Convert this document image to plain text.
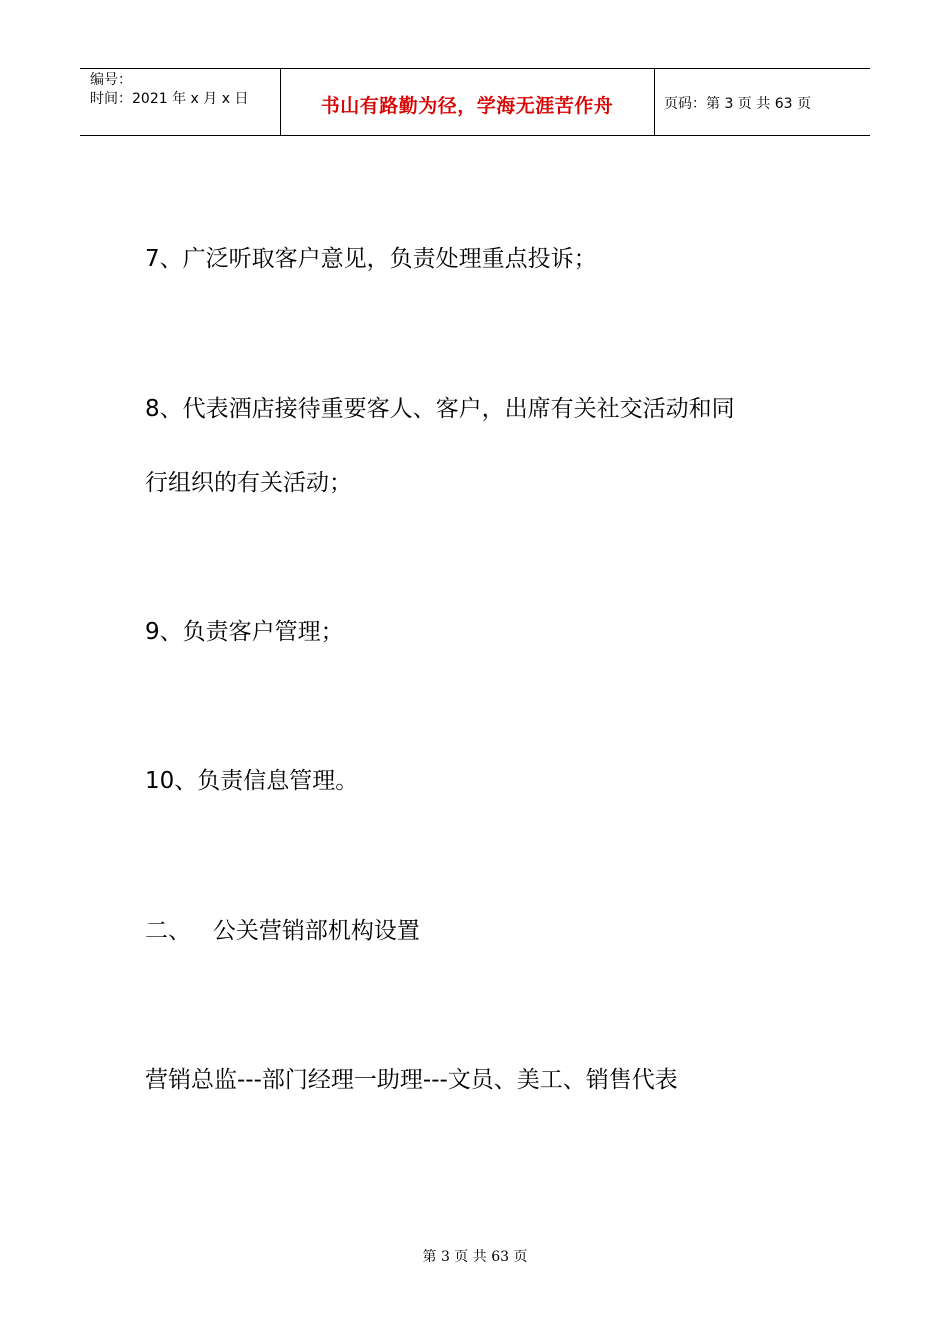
编号：
时间：2021 年 x 月 x 日	书山有路勤为径，学海无涯苦作舟	页码：第 3 页 共 63 页
7、广泛听取客户意见，负责处理重点投诉；
8、代表酒店接待重要客人、客户，出席有关社交活动和同
行组织的有关活动；
9、负责客户管理；
10、负责信息管理。
二、   公关营销部机构设置
营销总监---部门经理一助理---文员、美工、销售代表
第 3 页 共 63 页
